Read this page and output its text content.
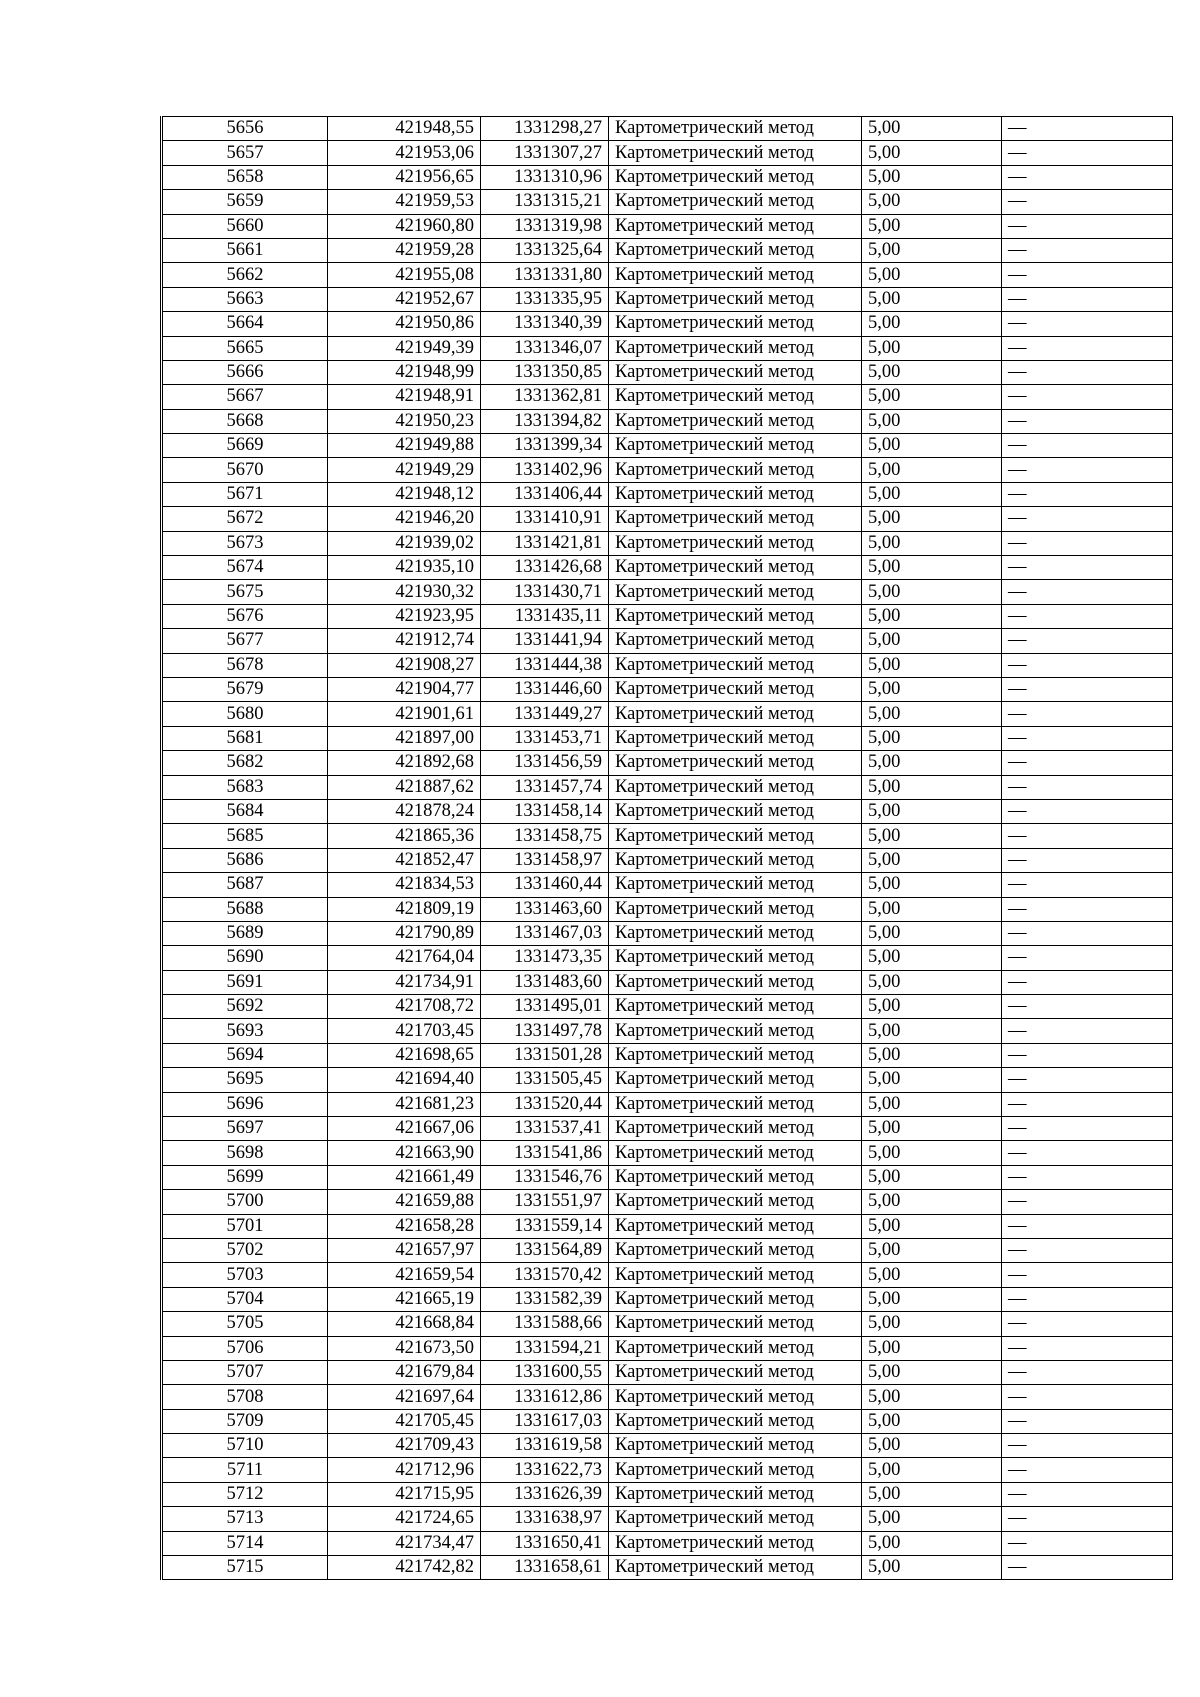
5656	421948,55	1331298,27	Картометрический метод	5,00	—
5657	421953,06	1331307,27	Картометрический метод	5,00	—
5658	421956,65	1331310,96	Картометрический метод	5,00	—
5659	421959,53	1331315,21	Картометрический метод	5,00	—
5660	421960,80	1331319,98	Картометрический метод	5,00	—
5661	421959,28	1331325,64	Картометрический метод	5,00	—
5662	421955,08	1331331,80	Картометрический метод	5,00	—
5663	421952,67	1331335,95	Картометрический метод	5,00	—
5664	421950,86	1331340,39	Картометрический метод	5,00	—
5665	421949,39	1331346,07	Картометрический метод	5,00	—
5666	421948,99	1331350,85	Картометрический метод	5,00	—
5667	421948,91	1331362,81	Картометрический метод	5,00	—
5668	421950,23	1331394,82	Картометрический метод	5,00	—
5669	421949,88	1331399,34	Картометрический метод	5,00	—
5670	421949,29	1331402,96	Картометрический метод	5,00	—
5671	421948,12	1331406,44	Картометрический метод	5,00	—
5672	421946,20	1331410,91	Картометрический метод	5,00	—
5673	421939,02	1331421,81	Картометрический метод	5,00	—
5674	421935,10	1331426,68	Картометрический метод	5,00	—
5675	421930,32	1331430,71	Картометрический метод	5,00	—
5676	421923,95	1331435,11	Картометрический метод	5,00	—
5677	421912,74	1331441,94	Картометрический метод	5,00	—
5678	421908,27	1331444,38	Картометрический метод	5,00	—
5679	421904,77	1331446,60	Картометрический метод	5,00	—
5680	421901,61	1331449,27	Картометрический метод	5,00	—
5681	421897,00	1331453,71	Картометрический метод	5,00	—
5682	421892,68	1331456,59	Картометрический метод	5,00	—
5683	421887,62	1331457,74	Картометрический метод	5,00	—
5684	421878,24	1331458,14	Картометрический метод	5,00	—
5685	421865,36	1331458,75	Картометрический метод	5,00	—
5686	421852,47	1331458,97	Картометрический метод	5,00	—
5687	421834,53	1331460,44	Картометрический метод	5,00	—
5688	421809,19	1331463,60	Картометрический метод	5,00	—
5689	421790,89	1331467,03	Картометрический метод	5,00	—
5690	421764,04	1331473,35	Картометрический метод	5,00	—
5691	421734,91	1331483,60	Картометрический метод	5,00	—
5692	421708,72	1331495,01	Картометрический метод	5,00	—
5693	421703,45	1331497,78	Картометрический метод	5,00	—
5694	421698,65	1331501,28	Картометрический метод	5,00	—
5695	421694,40	1331505,45	Картометрический метод	5,00	—
5696	421681,23	1331520,44	Картометрический метод	5,00	—
5697	421667,06	1331537,41	Картометрический метод	5,00	—
5698	421663,90	1331541,86	Картометрический метод	5,00	—
5699	421661,49	1331546,76	Картометрический метод	5,00	—
5700	421659,88	1331551,97	Картометрический метод	5,00	—
5701	421658,28	1331559,14	Картометрический метод	5,00	—
5702	421657,97	1331564,89	Картометрический метод	5,00	—
5703	421659,54	1331570,42	Картометрический метод	5,00	—
5704	421665,19	1331582,39	Картометрический метод	5,00	—
5705	421668,84	1331588,66	Картометрический метод	5,00	—
5706	421673,50	1331594,21	Картометрический метод	5,00	—
5707	421679,84	1331600,55	Картометрический метод	5,00	—
5708	421697,64	1331612,86	Картометрический метод	5,00	—
5709	421705,45	1331617,03	Картометрический метод	5,00	—
5710	421709,43	1331619,58	Картометрический метод	5,00	—
5711	421712,96	1331622,73	Картометрический метод	5,00	—
5712	421715,95	1331626,39	Картометрический метод	5,00	—
5713	421724,65	1331638,97	Картометрический метод	5,00	—
5714	421734,47	1331650,41	Картометрический метод	5,00	—
5715	421742,82	1331658,61	Картометрический метод	5,00	—
